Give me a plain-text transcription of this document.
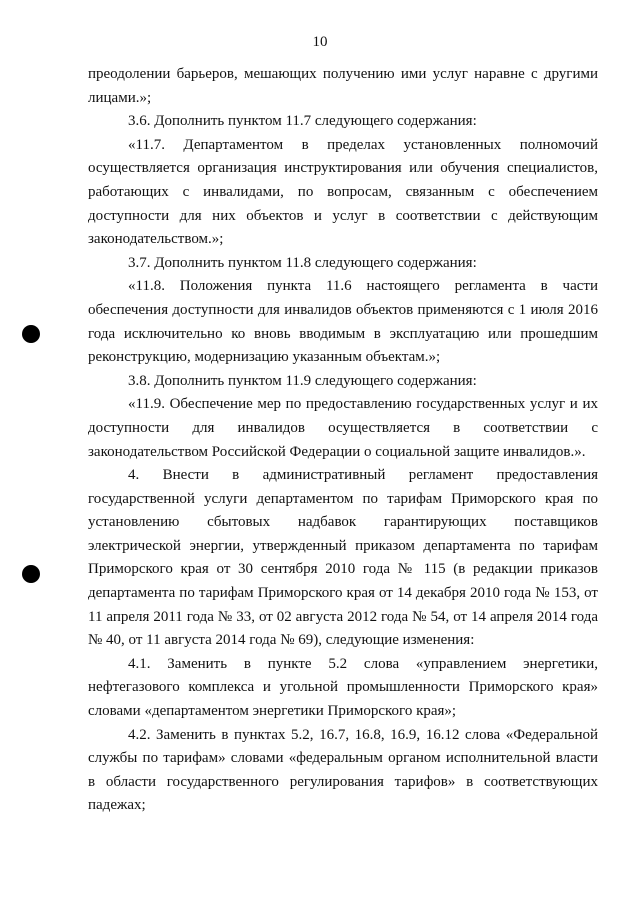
10

преодолении барьеров, мешающих получению ими услуг наравне с другими лицами.»;

3.6. Дополнить пунктом 11.7 следующего содержания:

«11.7. Департаментом в пределах установленных полномочий осуществляется организация инструктирования или обучения специалистов, работающих с инвалидами, по вопросам, связанным с обеспечением доступности для них объектов и услуг в соответствии с действующим законодательством.»;

3.7. Дополнить пунктом 11.8 следующего содержания:

«11.8. Положения пункта 11.6 настоящего регламента в части обеспечения доступности для инвалидов объектов применяются с 1 июля 2016 года исключительно ко вновь вводимым в эксплуатацию или прошедшим реконструкцию, модернизацию указанным объектам.»;

3.8. Дополнить пунктом 11.9 следующего содержания:

«11.9. Обеспечение мер по предоставлению государственных услуг и их доступности для инвалидов осуществляется в соответствии с законодательством Российской Федерации о социальной защите инвалидов.».

4. Внести в административный регламент предоставления государственной услуги департаментом по тарифам Приморского края по установлению сбытовых надбавок гарантирующих поставщиков электрической энергии, утвержденный приказом департамента по тарифам Приморского края от 30 сентября 2010 года № 115 (в редакции приказов департамента по тарифам Приморского края от 14 декабря 2010 года № 153, от 11 апреля 2011 года № 33, от 02 августа 2012 года № 54, от 14 апреля 2014 года № 40, от 11 августа 2014 года № 69), следующие изменения:

4.1. Заменить в пункте 5.2 слова «управлением энергетики, нефтегазового комплекса и угольной промышленности Приморского края» словами «департаментом энергетики Приморского края»;

4.2. Заменить в пунктах 5.2, 16.7, 16.8, 16.9, 16.12 слова «Федеральной службы по тарифам» словами «федеральным органом исполнительной власти в области государственного регулирования тарифов» в соответствующих падежах;
